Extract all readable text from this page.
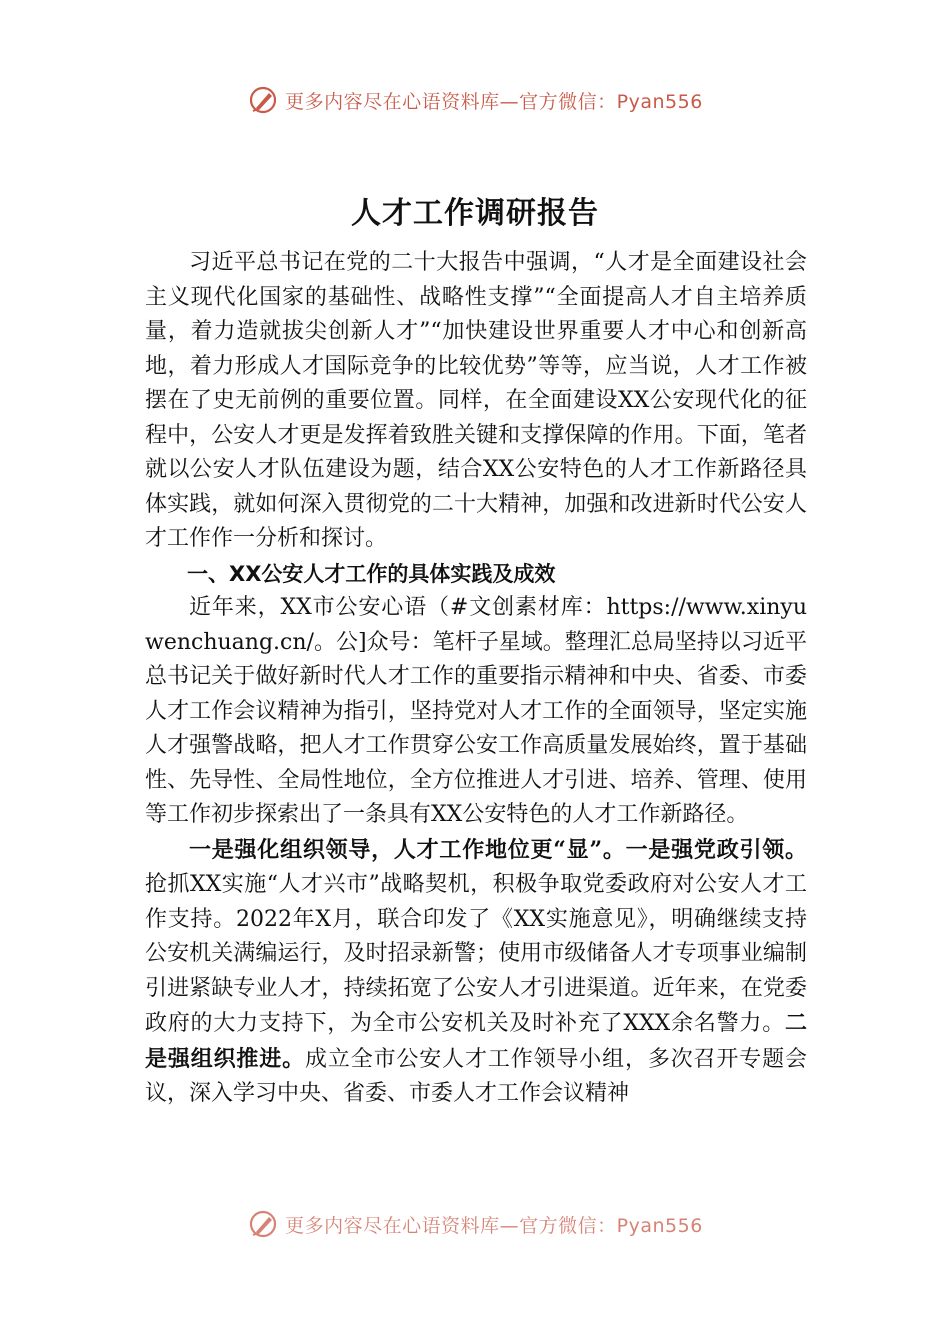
更多内容尽在心语资料库—官方微信：Pyan556
人才工作调研报告

习近平总书记在党的二十大报告中强调，“人才是全面建设社会主义现代化国家的基础性、战略性支撑”“全面提高人才自主培养质量，着力造就拔尖创新人才”“加快建设世界重要人才中心和创新高地，着力形成人才国际竞争的比较优势”等等，应当说，人才工作被摆在了史无前例的重要位置。同样，在全面建设XX公安现代化的征程中，公安人才更是发挥着致胜关键和支撑保障的作用。下面，笔者就以公安人才队伍建设为题，结合XX公安特色的人才工作新路径具体实践，就如何深入贯彻党的二十大精神，加强和改进新时代公安人才工作作一分析和探讨。

一、XX公安人才工作的具体实践及成效

近年来，XX市公安心语（#文创素材库：https://www.xinyuwenchuang.cn/。公]众号：笔杆子星域。整理汇总局坚持以习近平总书记关于做好新时代人才工作的重要指示精神和中央、省委、市委人才工作会议精神为指引，坚持党对人才工作的全面领导，坚定实施人才强警战略，把人才工作贯穿公安工作高质量发展始终，置于基础性、先导性、全局性地位，全方位推进人才引进、培养、管理、使用等工作初步探索出了一条具有XX公安特色的人才工作新路径。

一是强化组织领导，人才工作地位更“显”。一是强党政引领。抢抓XX实施“人才兴市”战略契机，积极争取党委政府对公安人才工作支持。2022年X月，联合印发了《XX实施意见》，明确继续支持公安机关满编运行，及时招录新警；使用市级储备人才专项事业编制引进紧缺专业人才，持续拓宽了公安人才引进渠道。近年来，在党委政府的大力支持下，为全市公安机关及时补充了XXX余名警力。二是强组织推进。成立全市公安人才工作领导小组，多次召开专题会议，深入学习中央、省委、市委人才工作会议精神

更多内容尽在心语资料库—官方微信：Pyan556
